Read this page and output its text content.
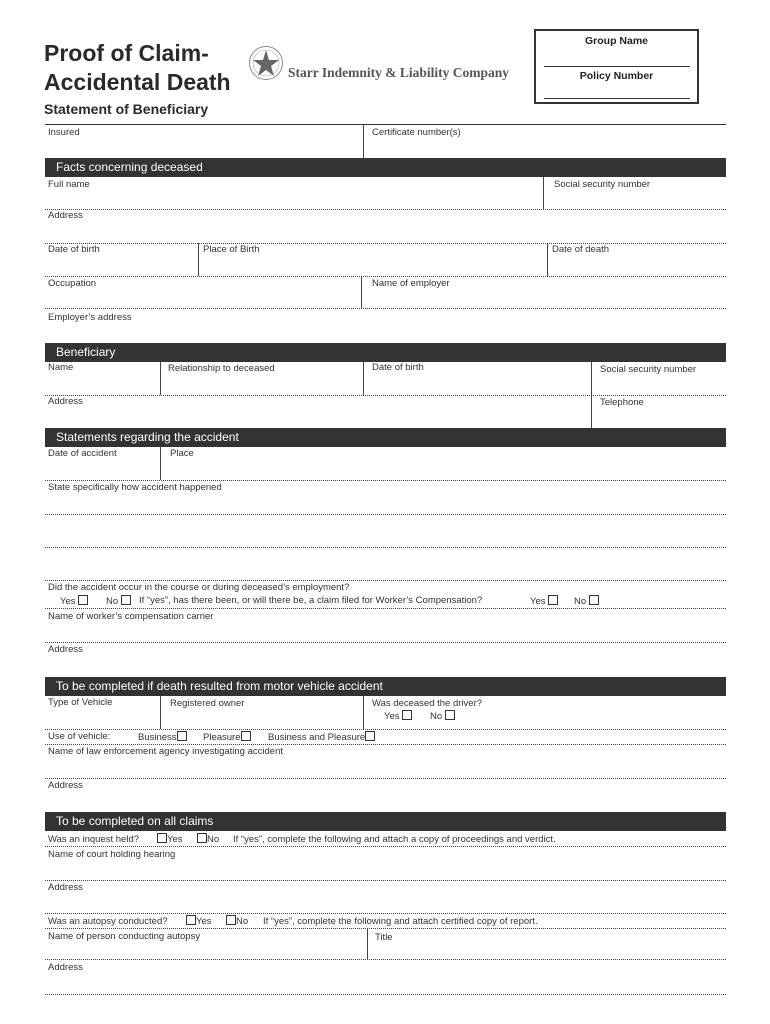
Proof of Claim-
Accidental Death
Statement of Beneficiary
Starr Indemnity & Liability Company
Group Name
Policy Number
Insured	Certificate number(s)
Facts concerning deceased
Full name	Social security number
Address
Date of birth	Place of Birth	Date of death
Occupation	Name of employer
Employer’s address
Beneficiary
Name	Relationship to deceased	Date of birth	Social security number
Address	Telephone
Statements regarding the accident
Date of accident	Place
State specifically how accident happened
Did the accident occur in the course or during deceased’s employment?
Yes	No	If “yes”, has there been, or will there be, a claim filed for Worker’s Compensation?	Yes	No
Name of worker’s compensation carrier
Address
To be completed if death resulted from motor vehicle accident
Type of Vehicle	Registered owner	Was deceased the driver?
Yes	No
Use of vehicle:	Business	Pleasure	Business and Pleasure
Name of law enforcement agency investigating accident
Address
To be completed on all claims
Was an inquest held?	Yes	No If “yes”, complete the following and attach a copy of proceedings and verdict.
Name of court holding hearing
Address
Was an autopsy conducted?	Yes	No If “yes”, complete the following and attach certified copy of report.
Name of person conducting autopsy	Title
Address
